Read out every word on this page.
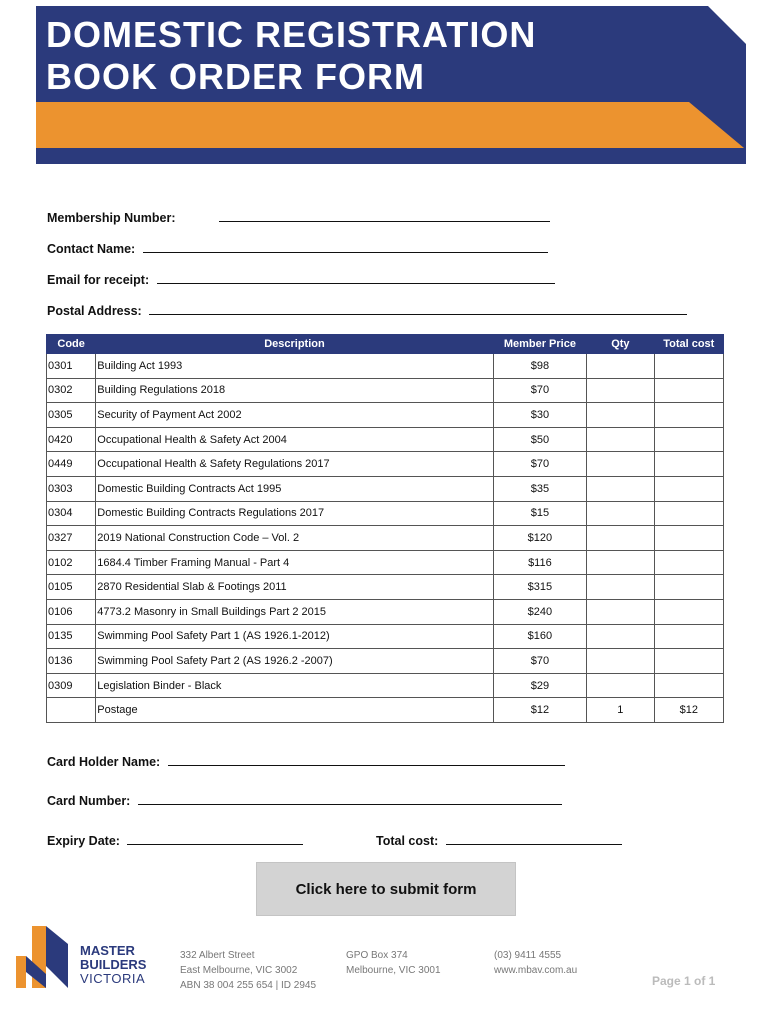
DOMESTIC REGISTRATION
BOOK ORDER FORM
Membership Number:
Contact Name:
Email for receipt:
Postal Address:
Code	Description	Member Price	Qty	Total cost
0301	Building Act 1993	$98		
0302	Building Regulations 2018	$70		
0305	Security of Payment Act 2002	$30		
0420	Occupational Health & Safety Act 2004	$50		
0449	Occupational Health & Safety Regulations 2017	$70		
0303	Domestic Building Contracts Act 1995	$35		
0304	Domestic Building Contracts Regulations 2017	$15		
0327	2019 National Construction Code – Vol. 2	$120		
0102	1684.4 Timber Framing Manual - Part 4	$116		
0105	2870 Residential Slab & Footings 2011	$315		
0106	4773.2 Masonry in Small Buildings Part 2 2015	$240		
0135	Swimming Pool Safety Part 1 (AS 1926.1-2012)	$160		
0136	Swimming Pool Safety Part 2 (AS 1926.2 -2007)	$70		
0309	Legislation Binder - Black	$29		
	Postage	$12	1	$12
Card Holder Name:
Card Number:
Expiry Date:	Total cost:
Click here to submit form
MASTER
BUILDERS
VICTORIA
332 Albert Street
East Melbourne, VIC 3002
ABN 38 004 255 654 | ID 2945
GPO Box 374
Melbourne, VIC 3001
(03) 9411 4555
www.mbav.com.au
Page 1 of 1
